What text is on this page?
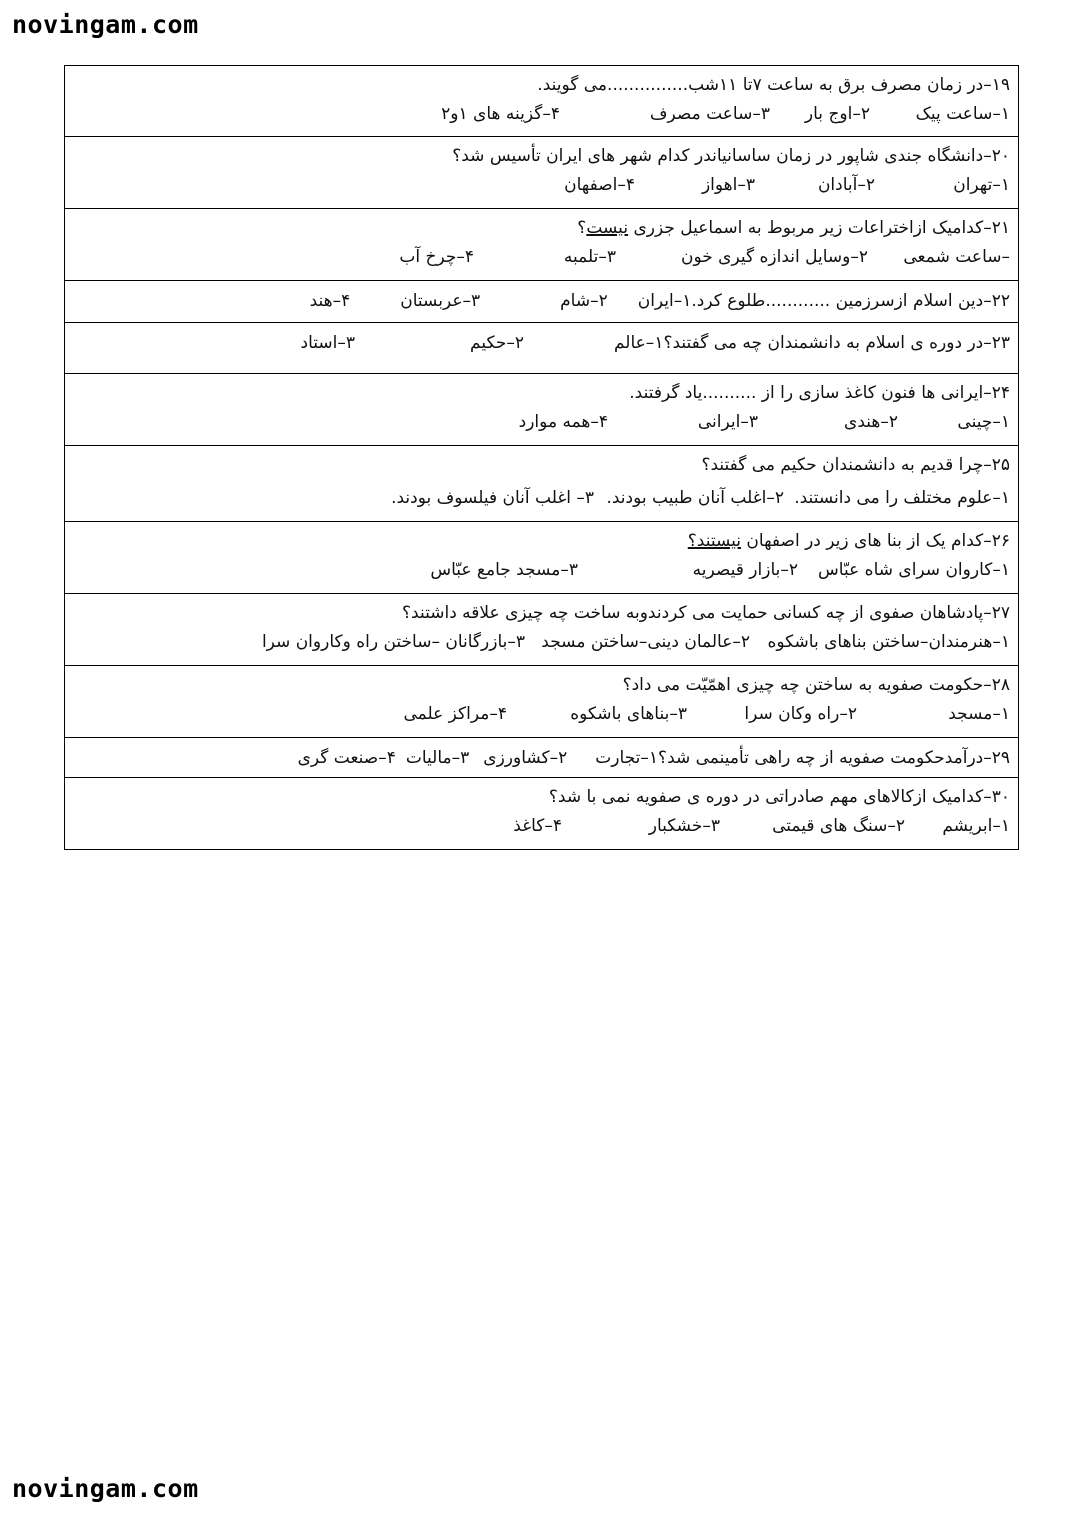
novingam.com
۱۹–در زمان مصرف برق به ساعت ۷تا ۱۱شب...............می گویند.
۱–ساعت پیک
۲–اوج بار
۳–ساعت مصرف
۴–گزینه های ۱و۲
۲۰–دانشگاه جندی شاپور در زمان ساسانیاندر کدام شهر های ایران تأسیس شد؟
۱–تهران
۲–آبادان
۳–اهواز
۴–اصفهان
۲۱–کدامیک ازاختراعات زیر مربوط به اسماعیل جزری نیست؟
–ساعت شمعی
۲–وسایل اندازه گیری خون
۳–تلمبه
۴–چرخ آب
۲۲–دین اسلام ازسرزمین ............طلوع کرد.۱–ایران
۲–شام
۳–عربستان
۴–هند
۲۳–در دوره ی اسلام به دانشمندان چه می گفتند؟۱–عالم
۲–حکیم
۳–استاد
۲۴–ایرانی ها فنون کاغذ سازی را از ..........یاد گرفتند.
۱–چینی
۲–هندی
۳–ایرانی
۴–همه موارد
۲۵–چرا قدیم به دانشمندان حکیم می گفتند؟
۱–علوم مختلف را می دانستند.
۲–اغلب آنان طبیب بودند.
۳– اغلب آنان فیلسوف بودند.
۲۶–کدام یک از بنا های زیر در اصفهان نیستند؟
۱–کاروان سرای شاه عبّاس
۲–بازار قیصریه
۳–مسجد جامع عبّاس
۲۷–پادشاهان صفوی از چه کسانی حمایت می کردندوبه ساخت چه چیزی علاقه داشتند؟
۱–هنرمندان–ساختن بناهای باشکوه
۲–عالمان دینی–ساختن مسجد
۳–بازرگانان –ساختن راه وکاروان سرا
۲۸–حکومت صفویه به ساختن چه چیزی اهمّیّت می داد؟
۱–مسجد
۲–راه وکان سرا
۳–بناهای باشکوه
۴–مراکز علمی
۲۹–درآمدحکومت صفویه از چه راهی تأمینمی شد؟۱–تجارت
۲–کشاورزی
۳–مالیات
۴–صنعت گری
۳۰–کدامیک ازکالاهای مهم صادراتی در دوره ی صفویه نمی با شد؟
۱–ابریشم
۲–سنگ های قیمتی
۳–خشکبار
۴–کاغذ
novingam.com
